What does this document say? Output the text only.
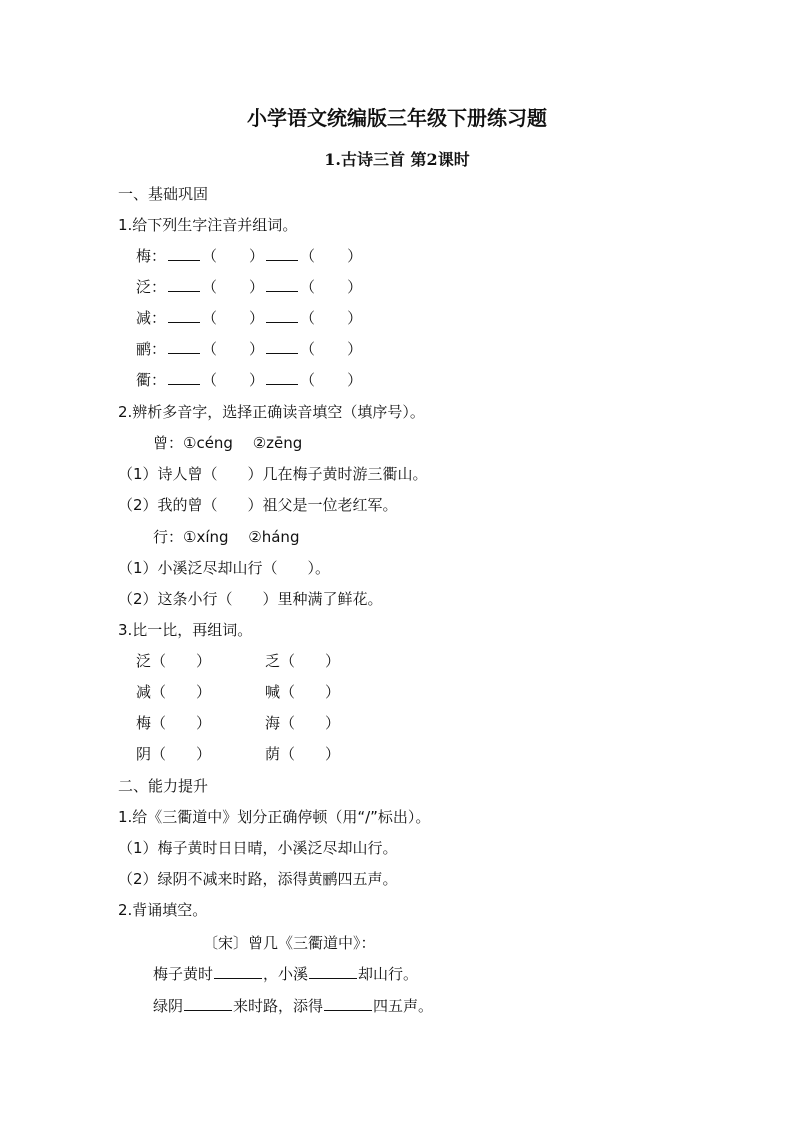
小学语文统编版三年级下册练习题
1.古诗三首 第2课时
一、基础巩固
1.给下列生字注音并组词。
梅： （ ） （ ）
泛： （ ） （ ）
减： （ ） （ ）
鹂： （ ） （ ）
衢： （ ） （ ）
2.辨析多音字，选择正确读音填空（填序号）。
曾：①céng　 ②zēng
（1）诗人曾（　　）几在梅子黄时游三衢山。
（2）我的曾（　　）祖父是一位老红军。
行：①xíng　 ②háng
（1）小溪泛尽却山行（　　）。
（2）这条小行（　　）里种满了鲜花。
3.比一比，再组词。
泛（　　）	乏（　　）
减（　　）	喊（　　）
梅（　　）	海（　　）
阴（　　）	荫（　　）
二、能力提升
1.给《三衢道中》划分正确停顿（用“/”标出）。
（1）梅子黄时日日晴，小溪泛尽却山行。
（2）绿阴不减来时路，添得黄鹂四五声。
2.背诵填空。
〔宋〕曾几《三衢道中》：
梅子黄时	，小溪	却山行。
绿阴	来时路，添得	四五声。
